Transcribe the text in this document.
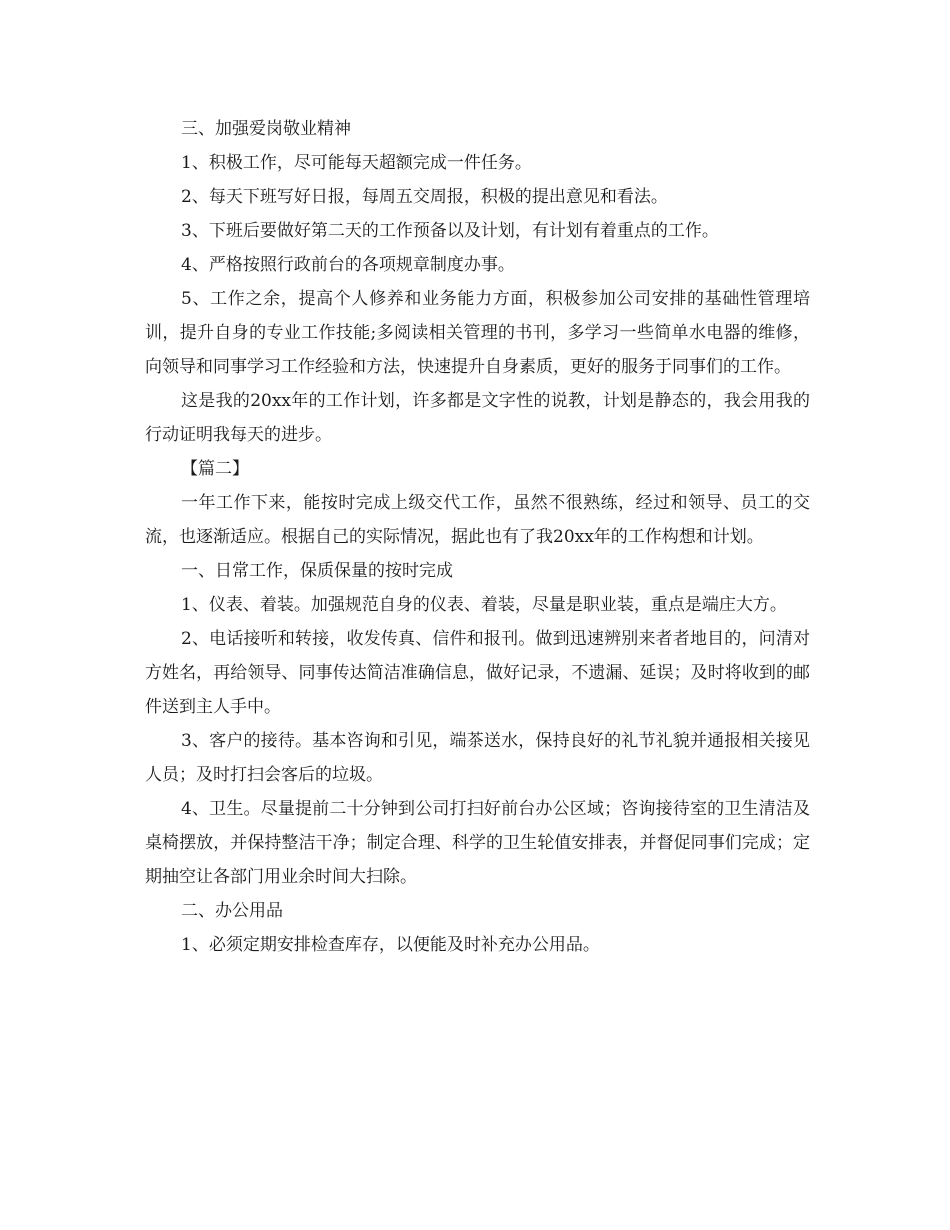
三、加强爱岗敬业精神

1、积极工作，尽可能每天超额完成一件任务。

2、每天下班写好日报，每周五交周报，积极的提出意见和看法。

3、下班后要做好第二天的工作预备以及计划，有计划有着重点的工作。

4、严格按照行政前台的各项规章制度办事。

5、工作之余，提高个人修养和业务能力方面，积极参加公司安排的基础性管理培训，提升自身的专业工作技能;多阅读相关管理的书刊，多学习一些简单水电器的维修，向领导和同事学习工作经验和方法，快速提升自身素质，更好的服务于同事们的工作。

这是我的20xx年的工作计划，许多都是文字性的说教，计划是静态的，我会用我的行动证明我每天的进步。

【篇二】

一年工作下来，能按时完成上级交代工作，虽然不很熟练，经过和领导、员工的交流，也逐渐适应。根据自己的实际情况，据此也有了我20xx年的工作构想和计划。

一、日常工作，保质保量的按时完成

1、仪表、着装。加强规范自身的仪表、着装，尽量是职业装，重点是端庄大方。

2、电话接听和转接，收发传真、信件和报刊。做到迅速辨别来者者地目的，问清对方姓名，再给领导、同事传达简洁准确信息，做好记录，不遗漏、延误；及时将收到的邮件送到主人手中。

3、客户的接待。基本咨询和引见，端茶送水，保持良好的礼节礼貌并通报相关接见人员；及时打扫会客后的垃圾。

4、卫生。尽量提前二十分钟到公司打扫好前台办公区域；咨询接待室的卫生清洁及桌椅摆放，并保持整洁干净；制定合理、科学的卫生轮值安排表，并督促同事们完成；定期抽空让各部门用业余时间大扫除。

二、办公用品

1、必须定期安排检查库存，以便能及时补充办公用品。
